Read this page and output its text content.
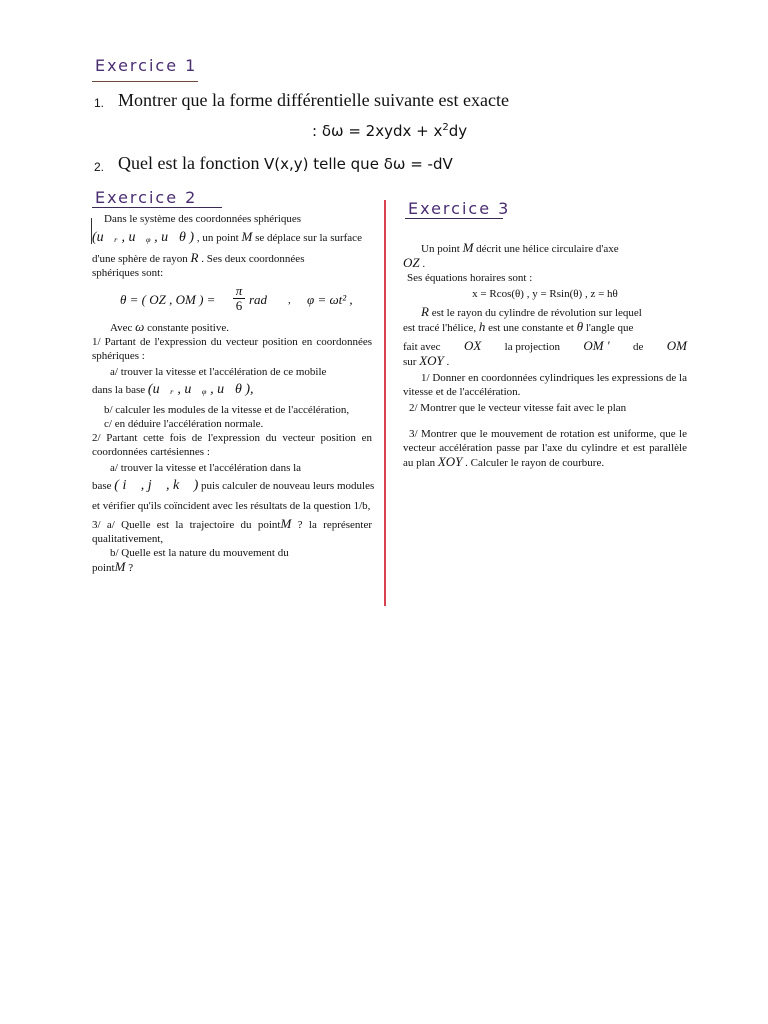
Exercice 1
1. Montrer que la forme différentielle suivante est exacte
: δω = 2xydx + $x^2dy$
2. Quel est la fonction V(x,y) telle que δω = -dV
Exercice 2
Dans le système des coordonnées sphériques
(u⃗ᵣ , u⃗ᵩ , u⃗θ ) , un point M se déplace sur la surface
d'une sphère de rayon R . Ses deux coordonnées
sphériques sont:
θ = ( OZ , OM ) = $\frac{\pi}{6}$ rad , φ = ωt² ,
Avec ω constante positive.
1/ Partant de l'expression du vecteur position en coordonnées sphériques :
a/ trouver la vitesse et l'accélération de ce mobile
dans la base (u⃗ᵣ , u⃗ᵩ , u⃗θ ),
b/ calculer les modules de la vitesse et de l'accélération,
c/ en déduire l'accélération normale.
2/ Partant cette fois de l'expression du vecteur position en coordonnées cartésiennes :
a/ trouver la vitesse et l'accélération dans la
base ( i⃗ , j⃗ , k⃗ ) puis calculer de nouveau leurs modules
et vérifier qu'ils coïncident avec les résultats de la question 1/b,
3/ a/ Quelle est la trajectoire du pointM ? la représenter qualitativement,
b/ Quelle est la nature du mouvement du
pointM ?
Exercice 3
Un point M décrit une hélice circulaire d'axe
OZ .
Ses équations horaires sont :
x = Rcos(θ) , y = Rsin(θ) , z = hθ
R est le rayon du cylindre de révolution sur lequel
est tracé l'hélice, h est une constante et θ l'angle que
fait avec OX la projection OM ' de OM
sur XOY .
1/ Donner en coordonnées cylindriques les expressions de la vitesse et de l'accélération.
2/ Montrer que le vecteur vitesse fait avec le plan
3/ Montrer que le mouvement de rotation est uniforme, que le vecteur accélération passe par l'axe du cylindre et est parallèle au plan XOY . Calculer le rayon de courbure.
